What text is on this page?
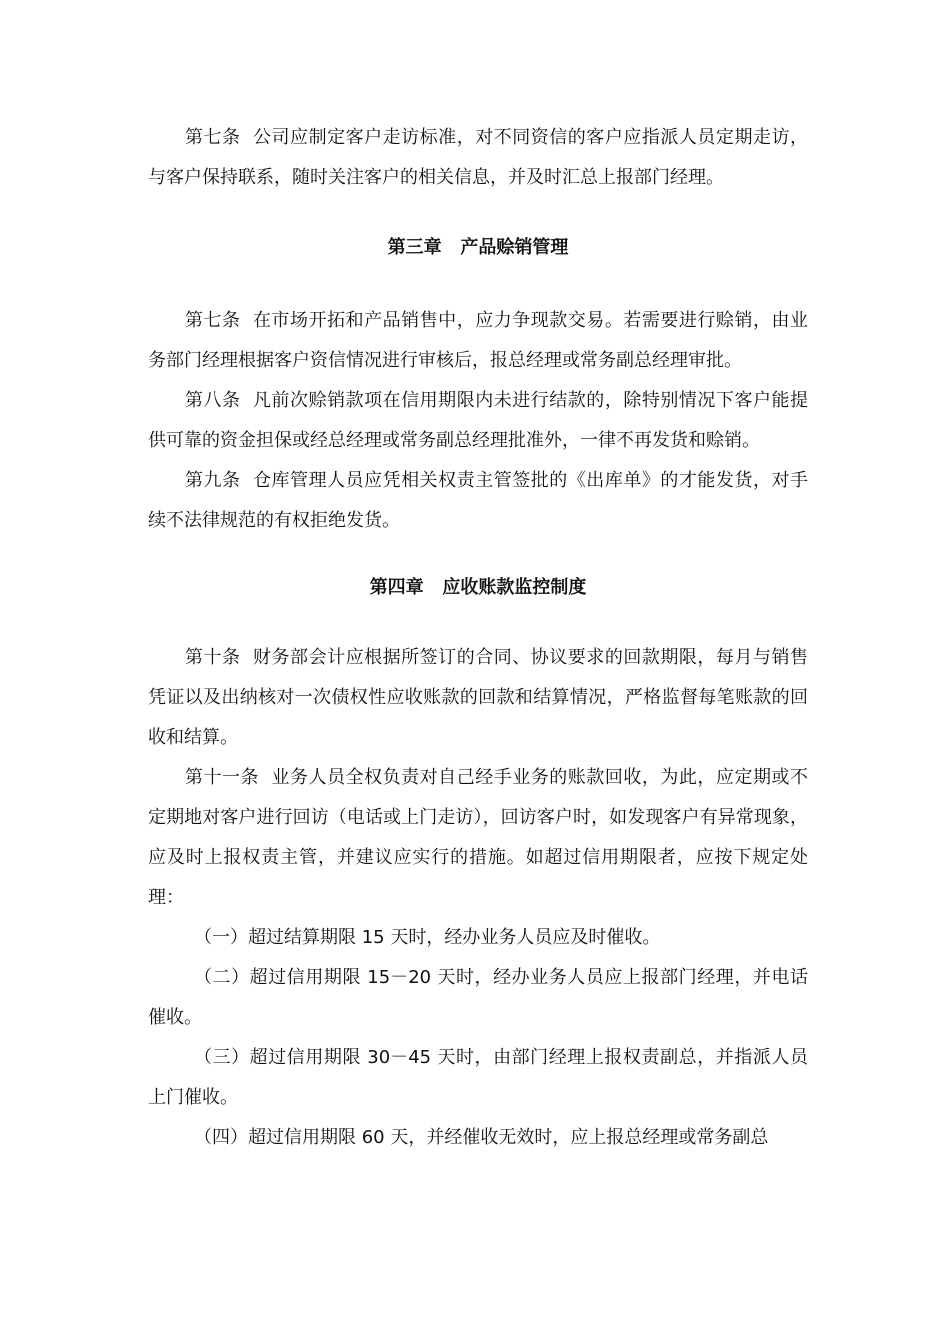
第七条  公司应制定客户走访标准，对不同资信的客户应指派人员定期走访，与客户保持联系，随时关注客户的相关信息，并及时汇总上报部门经理。

第三章   产品赊销管理

第七条  在市场开拓和产品销售中，应力争现款交易。若需要进行赊销，由业务部门经理根据客户资信情况进行审核后，报总经理或常务副总经理审批。

第八条  凡前次赊销款项在信用期限内未进行结款的，除特别情况下客户能提供可靠的资金担保或经总经理或常务副总经理批准外，一律不再发货和赊销。

第九条  仓库管理人员应凭相关权责主管签批的《出库单》的才能发货，对手续不法律规范的有权拒绝发货。

第四章   应收账款监控制度

第十条  财务部会计应根据所签订的合同、协议要求的回款期限，每月与销售凭证以及出纳核对一次债权性应收账款的回款和结算情况，严格监督每笔账款的回收和结算。

第十一条  业务人员全权负责对自己经手业务的账款回收，为此，应定期或不定期地对客户进行回访（电话或上门走访），回访客户时，如发现客户有异常现象，应及时上报权责主管，并建议应实行的措施。如超过信用期限者，应按下规定处理：

（一）超过结算期限 15 天时，经办业务人员应及时催收。

（二）超过信用期限 15－20 天时，经办业务人员应上报部门经理，并电话催收。

（三）超过信用期限 30－45 天时，由部门经理上报权责副总，并指派人员上门催收。

（四）超过信用期限 60 天，并经催收无效时，应上报总经理或常务副总
